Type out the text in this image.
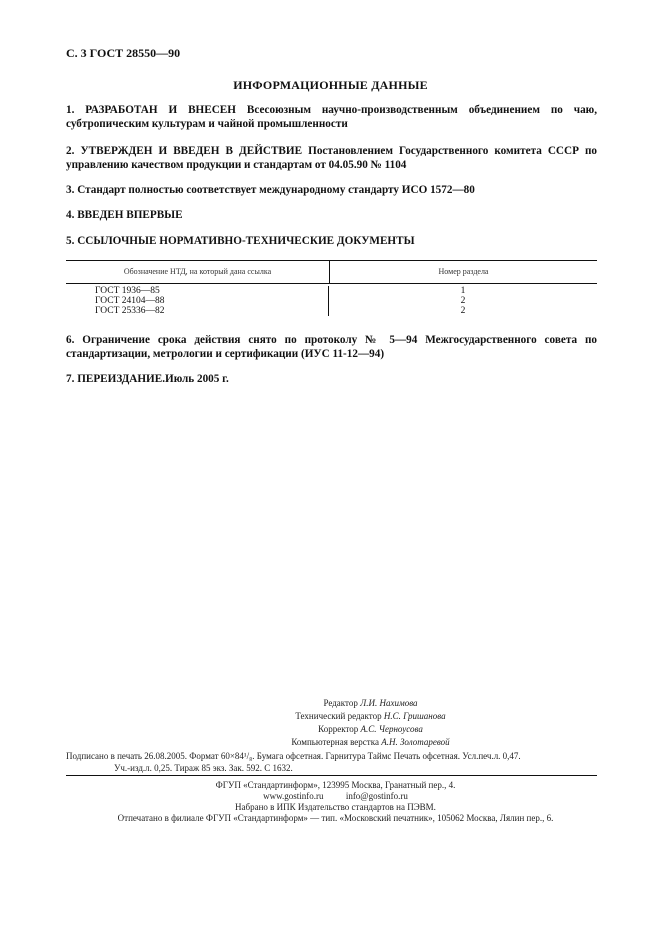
С. 3 ГОСТ 28550—90
ИНФОРМАЦИОННЫЕ ДАННЫЕ
1. РАЗРАБОТАН И ВНЕСЕН Всесоюзным научно-производственным объединением по чаю, субтропическим культурам и чайной промышленности
2. УТВЕРЖДЕН И ВВЕДЕН В ДЕЙСТВИЕ Постановлением Государственного комитета СССР по управлению качеством продукции и стандартам от 04.05.90 № 1104
3. Стандарт полностью соответствует международному стандарту ИСО 1572—80
4. ВВЕДЕН ВПЕРВЫЕ
5. ССЫЛОЧНЫЕ НОРМАТИВНО-ТЕХНИЧЕСКИЕ ДОКУМЕНТЫ
Обозначение НТД, на который дана ссылка	Номер раздела
ГОСТ 1936—85	1
ГОСТ 24104—88	2
ГОСТ 25336—82	2
6. Ограничение срока действия снято по протоколу № 5—94 Межгосударственного совета по стандартизации, метрологии и сертификации (ИУС 11-12—94)
7. ПЕРЕИЗДАНИЕ.Июль 2005 г.
Редактор Л.И. Нахимова
Технический редактор Н.С. Гришанова
Корректор А.С. Черноусова
Компьютерная верстка А.Н. Золотаревой
Подписано в печать 26.08.2005. Формат 60×84¹/₈. Бумага офсетная. Гарнитура Таймс Печать офсетная. Усл.печ.л. 0,47.
Уч.-изд.л. 0,25. Тираж 85 экз. Зак. 592. С 1632.
ФГУП «Стандартинформ», 123995 Москва, Гранатный пер., 4.
www.gostinfo.ru info@gostinfo.ru
Набрано в ИПК Издательство стандартов на ПЭВМ.
Отпечатано в филиале ФГУП «Стандартинформ» — тип. «Московский печатник», 105062 Москва, Лялин пер., 6.
